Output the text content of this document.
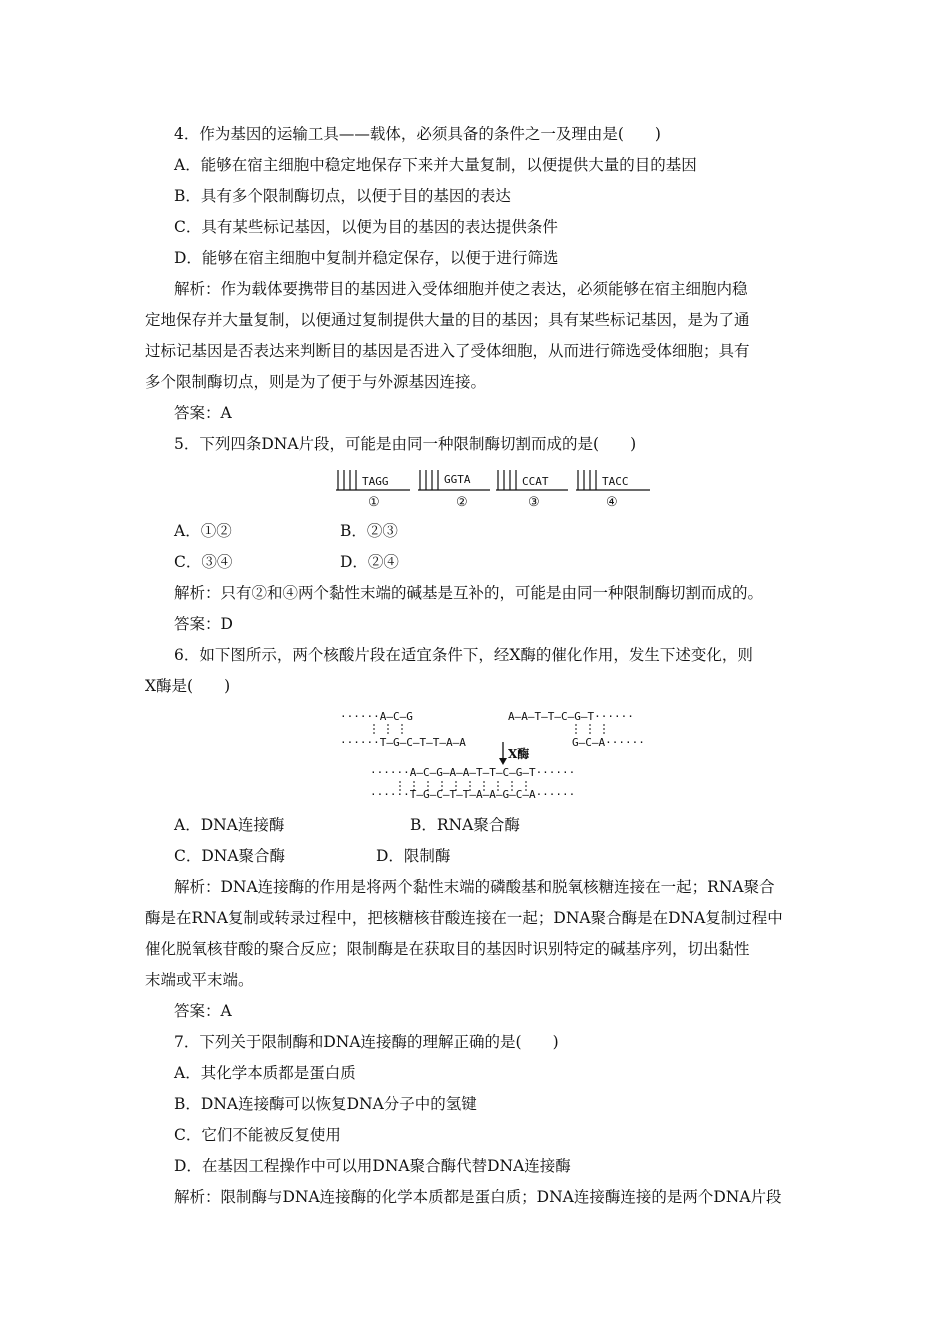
4．作为基因的运输工具——载体，必须具备的条件之一及理由是(　　)
A．能够在宿主细胞中稳定地保存下来并大量复制，以便提供大量的目的基因
B．具有多个限制酶切点，以便于目的基因的表达
C．具有某些标记基因，以便为目的基因的表达提供条件
D．能够在宿主细胞中复制并稳定保存，以便于进行筛选
解析：作为载体要携带目的基因进入受体细胞并使之表达，必须能够在宿主细胞内稳
定地保存并大量复制，以便通过复制提供大量的目的基因；具有某些标记基因，是为了通
过标记基因是否表达来判断目的基因是否进入了受体细胞，从而进行筛选受体细胞；具有
多个限制酶切点，则是为了便于与外源基因连接。
答案：A
5．下列四条DNA片段，可能是由同一种限制酶切割而成的是(　　)
TAGG	GGTA	CCAT	TACC
①	②	③	④
A．①②	B．②③
C．③④	D．②④
解析：只有②和④两个黏性末端的碱基是互补的，可能是由同一种限制酶切割而成的。
答案：D
6．如下图所示，两个核酸片段在适宜条件下，经X酶的催化作用，发生下述变化，则
X酶是(　　)
······A–C–G
······T–G–C–T–T–A–A
A–A–T–T–C–G–T······
G–C–A······
X酶
······A–C–G–A–A–T–T–C–G–T······
······T–G–C–T–T–A–A–G–C–A······
A．DNA连接酶	B．RNA聚合酶
C．DNA聚合酶	D．限制酶
解析：DNA连接酶的作用是将两个黏性末端的磷酸基和脱氧核糖连接在一起；RNA聚合
酶是在RNA复制或转录过程中，把核糖核苷酸连接在一起；DNA聚合酶是在DNA复制过程中
催化脱氧核苷酸的聚合反应；限制酶是在获取目的基因时识别特定的碱基序列，切出黏性
末端或平末端。
答案：A
7．下列关于限制酶和DNA连接酶的理解正确的是(　　)
A．其化学本质都是蛋白质
B．DNA连接酶可以恢复DNA分子中的氢键
C．它们不能被反复使用
D．在基因工程操作中可以用DNA聚合酶代替DNA连接酶
解析：限制酶与DNA连接酶的化学本质都是蛋白质；DNA连接酶连接的是两个DNA片段
